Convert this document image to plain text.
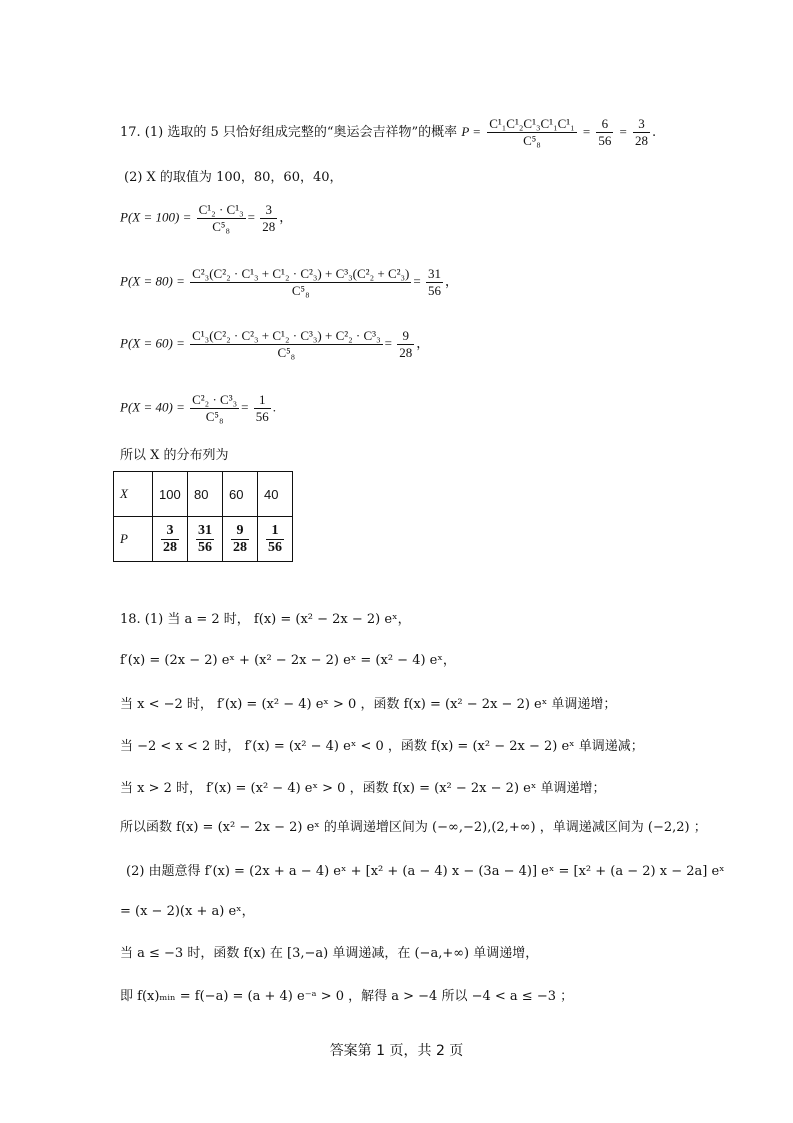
17. (1) 选取的 5 只恰好组成完整的“奥运会吉祥物”的概率 $P = \frac{\text{C¹₁C¹₂C¹₃C¹₁C¹₁}}{\text{C⁵₈}} = \frac{6}{56} = \frac{3}{28}$ .
(2) X 的取值为 100，80，60，40，
$P(X = 100) = \frac{\text{C¹₂ · C¹₃}}{\text{C⁵₈}} = \frac{3}{28}$ ，
$P(X = 80) = \frac{\text{C²₃(C²₂ · C¹₃ + C¹₂ · C²₃) + C³₃(C²₂ + C²₃)}}{\text{C⁵₈}} = \frac{31}{56}$ ，
$P(X = 60) = \frac{\text{C¹₃(C²₂ · C²₃ + C¹₂ · C³₃) + C²₂ · C³₃}}{\text{C⁵₈}} = \frac{9}{28}$ ，
$P(X = 40) = \frac{\text{C²₂ · C³₃}}{\text{C⁵₈}} = \frac{1}{56}$ .
所以 X 的分布列为
X	100	80	60	40
P	$\frac{3}{28}$	$\frac{31}{56}$	$\frac{9}{28}$	$\frac{1}{56}$
18. (1) 当 a = 2 时， f(x) = (x² − 2x − 2) eˣ，
f′(x) = (2x − 2) eˣ + (x² − 2x − 2) eˣ = (x² − 4) eˣ，
当 x < −2 时， f′(x) = (x² − 4) eˣ > 0 ，函数 f(x) = (x² − 2x − 2) eˣ 单调递增；
当 −2 < x < 2 时， f′(x) = (x² − 4) eˣ < 0 ，函数 f(x) = (x² − 2x − 2) eˣ 单调递减；
当 x > 2 时， f′(x) = (x² − 4) eˣ > 0 ，函数 f(x) = (x² − 2x − 2) eˣ 单调递增；
所以函数 f(x) = (x² − 2x − 2) eˣ 的单调递增区间为 (−∞,−2),(2,+∞) ，单调递减区间为 (−2,2) ；
(2) 由题意得 f′(x) = (2x + a − 4) eˣ + [x² + (a − 4) x − (3a − 4)] eˣ = [x² + (a − 2) x − 2a] eˣ
= (x − 2)(x + a) eˣ，
当 a ≤ −3 时，函数 f(x) 在 [3,−a) 单调递减，在 (−a,+∞) 单调递增，
即 f(x)ₘᵢₙ = f(−a) = (a + 4) e⁻ᵃ > 0 ，解得 a > −4 所以 −4 < a ≤ −3 ；
答案第 1 页，共 2 页
